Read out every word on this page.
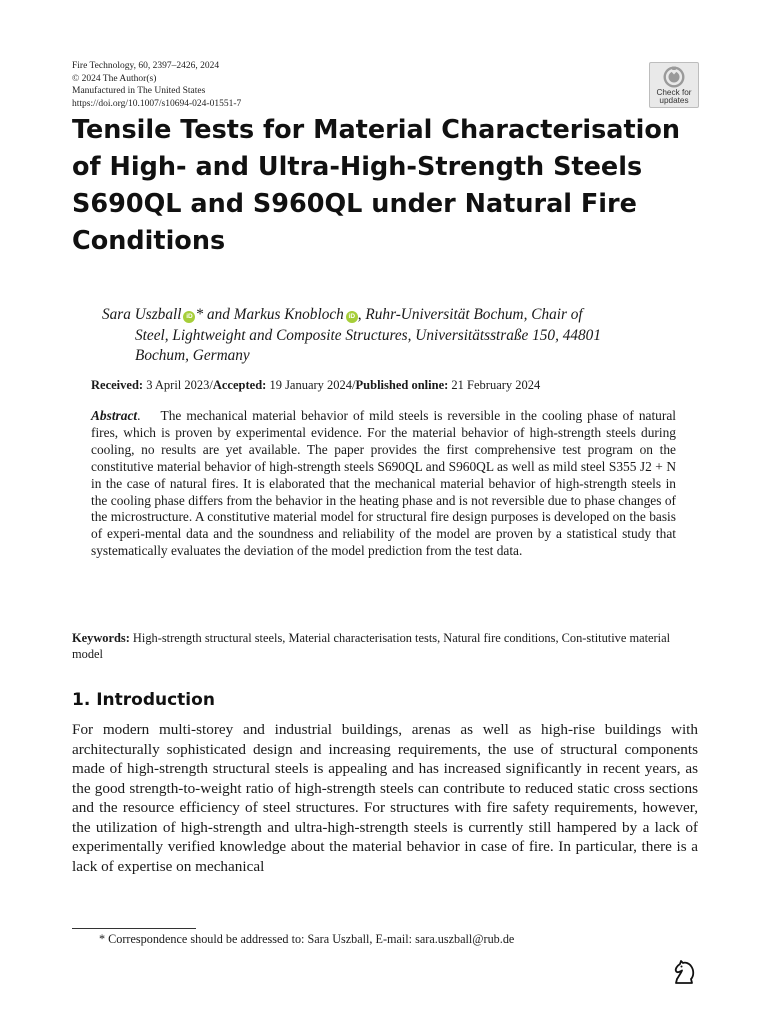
Fire Technology, 60, 2397–2426, 2024
© 2024 The Author(s)
Manufactured in The United States
https://doi.org/10.1007/s10694-024-01551-7
Check for
updates
Tensile Tests for Material Characterisation
of High- and Ultra-High-Strength Steels
S690QL and S960QL under Natural Fire
Conditions
Sara Uszball iD * and Markus Knobloch iD , Ruhr-Universität Bochum, Chair of
Steel, Lightweight and Composite Structures, Universitätsstraße 150, 44801
Bochum, Germany
Received: 3 April 2023/Accepted: 19 January 2024/Published online: 21 February 2024
Abstract. The mechanical material behavior of mild steels is reversible in the cooling phase of natural fires, which is proven by experimental evidence. For the material behavior of high-strength steels during cooling, no results are yet available. The paper provides the first comprehensive test program on the constitutive material behavior of high-strength steels S690QL and S960QL as well as mild steel S355 J2 + N in the case of natural fires. It is elaborated that the mechanical material behavior of high-strength steels in the cooling phase differs from the behavior in the heating phase and is not reversible due to phase changes of the microstructure. A constitutive material model for structural fire design purposes is developed on the basis of experi-mental data and the soundness and reliability of the model are proven by a statistical study that systematically evaluates the deviation of the model prediction from the test data.
Keywords: High-strength structural steels, Material characterisation tests, Natural fire conditions, Con-stitutive material model
1. Introduction
For modern multi-storey and industrial buildings, arenas as well as high-rise buildings with architecturally sophisticated design and increasing requirements, the use of structural components made of high-strength structural steels is appealing and has increased significantly in recent years, as the good strength-to-weight ratio of high-strength steels can contribute to reduced static cross sections and the resource efficiency of steel structures. For structures with fire safety requirements, however, the utilization of high-strength and ultra-high-strength steels is currently still hampered by a lack of experimentally verified knowledge about the material behavior in case of fire. In particular, there is a lack of expertise on mechanical
* Correspondence should be addressed to: Sara Uszball, E-mail: sara.uszball@rub.de
